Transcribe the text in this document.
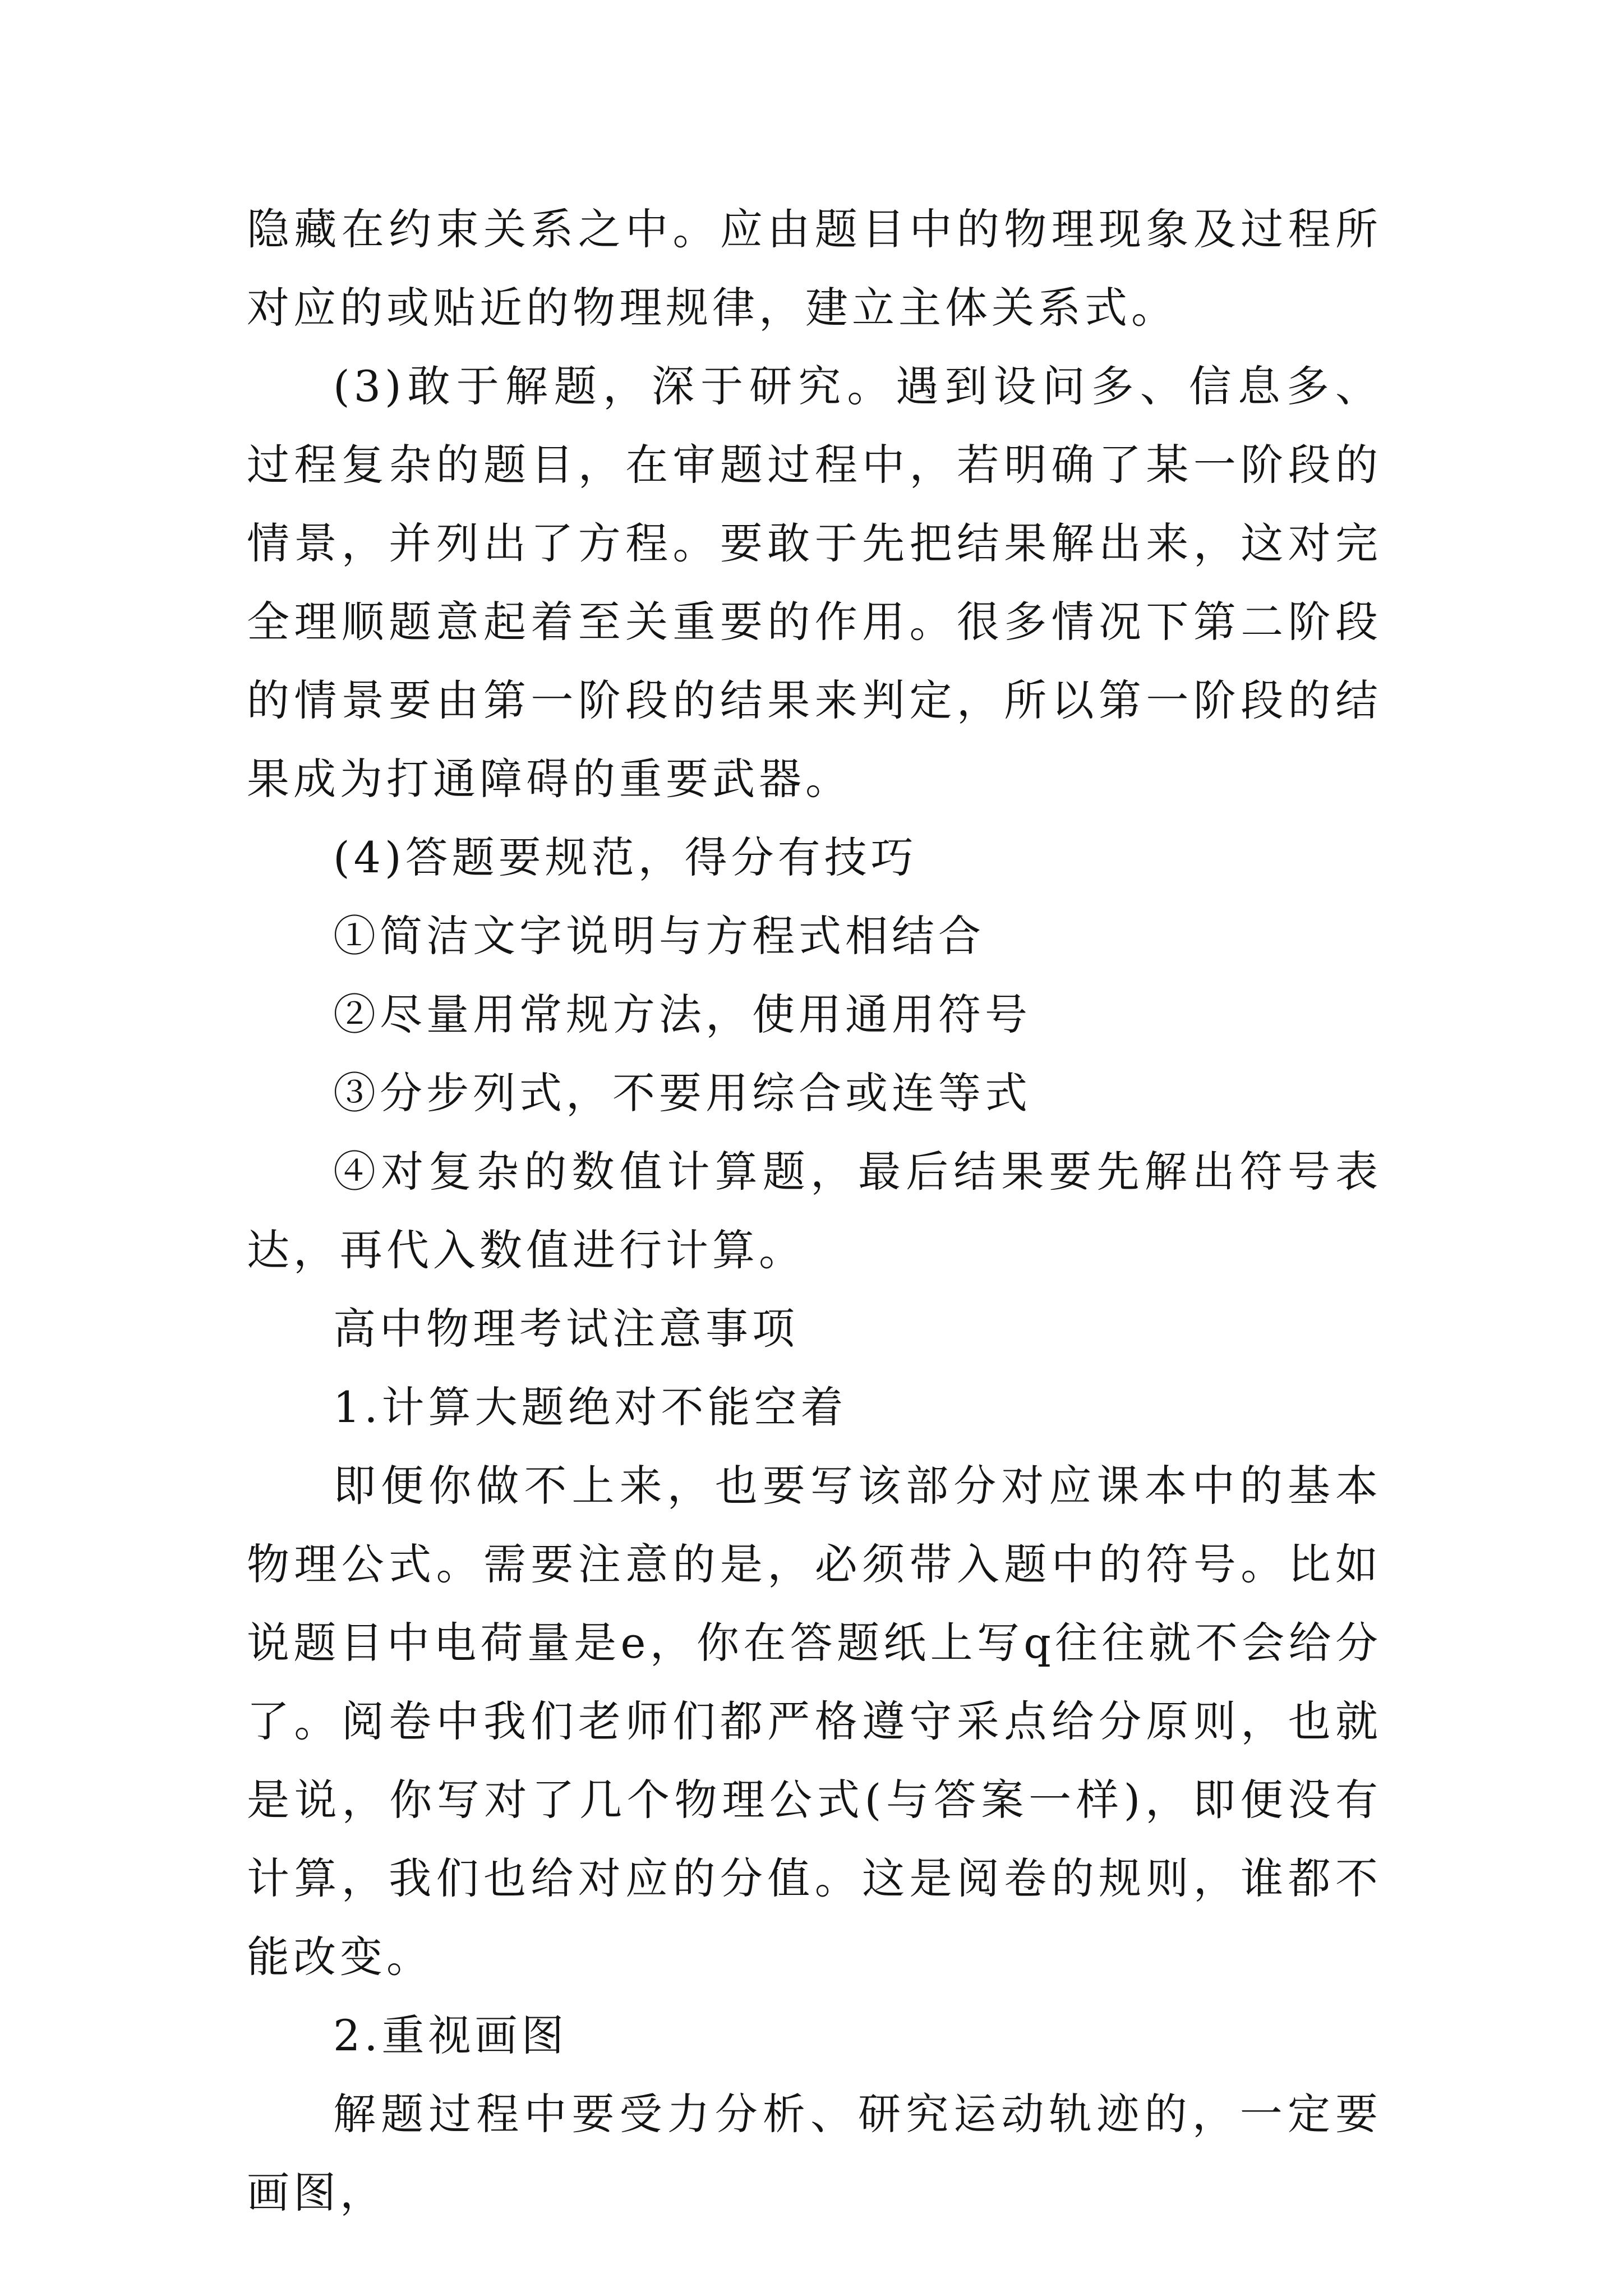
隐藏在约束关系之中。应由题目中的物理现象及过程所对应的或贴近的物理规律，建立主体关系式。

(3)敢于解题，深于研究。遇到设问多、信息多、过程复杂的题目，在审题过程中，若明确了某一阶段的情景，并列出了方程。要敢于先把结果解出来，这对完全理顺题意起着至关重要的作用。很多情况下第二阶段的情景要由第一阶段的结果来判定，所以第一阶段的结果成为打通障碍的重要武器。

(4)答题要规范，得分有技巧

①简洁文字说明与方程式相结合

②尽量用常规方法，使用通用符号

③分步列式，不要用综合或连等式

④对复杂的数值计算题，最后结果要先解出符号表达，再代入数值进行计算。

高中物理考试注意事项

1.计算大题绝对不能空着

即便你做不上来，也要写该部分对应课本中的基本物理公式。需要注意的是，必须带入题中的符号。比如说题目中电荷量是e，你在答题纸上写q往往就不会给分了。阅卷中我们老师们都严格遵守采点给分原则，也就是说，你写对了几个物理公式(与答案一样)，即便没有计算，我们也给对应的分值。这是阅卷的规则，谁都不能改变。

2.重视画图

解题过程中要受力分析、研究运动轨迹的，一定要画图，
